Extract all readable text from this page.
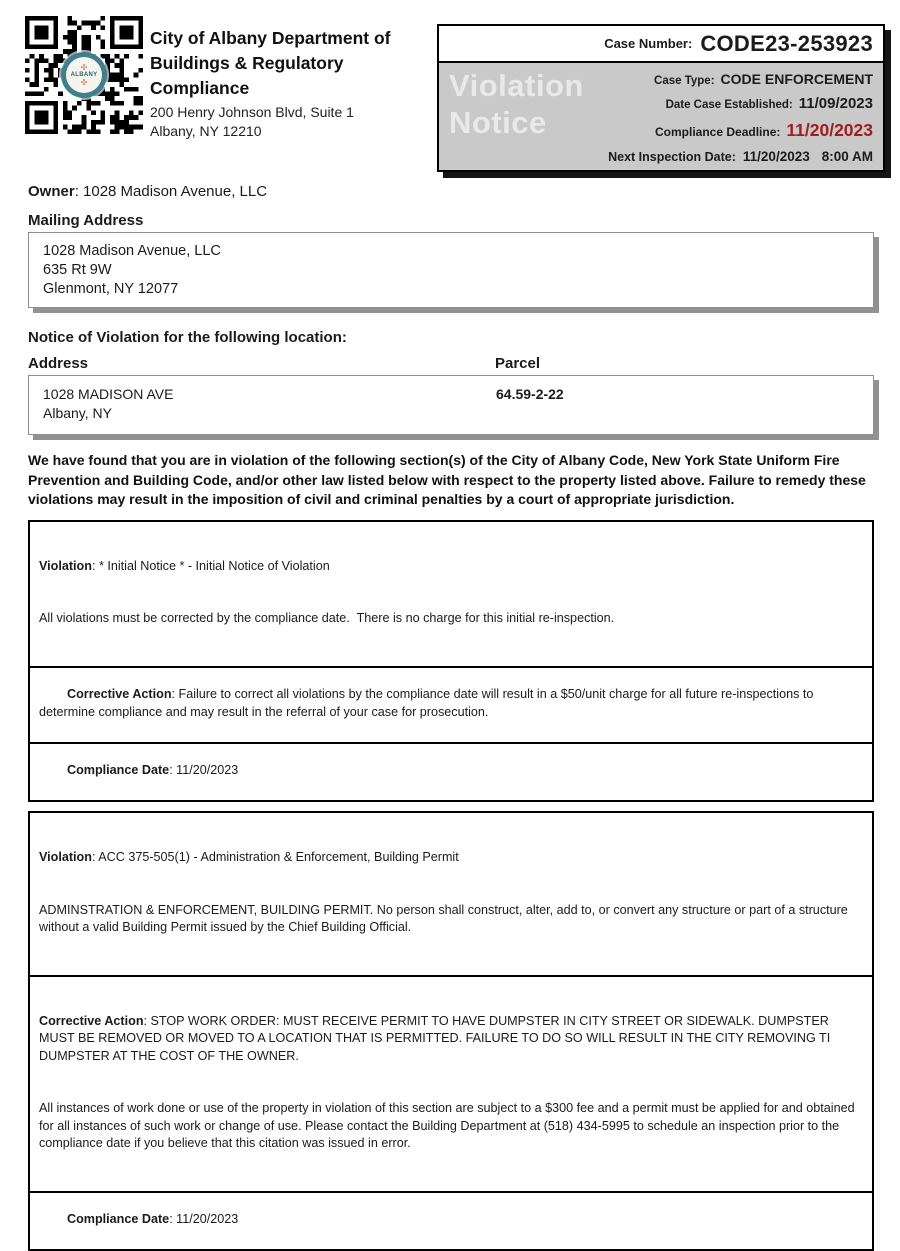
✣
ALBANY
✣
City of Albany Department of
Buildings & Regulatory
Compliance
200 Henry Johnson Blvd, Suite 1
Albany, NY 12210
Case Number: CODE23-253923
Violation
Notice
Case Type: CODE ENFORCEMENT
Date Case Established: 11/09/2023
Compliance Deadline: 11/20/2023
Next Inspection Date: 11/20/2023 8:00 AM
Owner: 1028 Madison Avenue, LLC
Mailing Address
1028 Madison Avenue, LLC
635 Rt 9W
Glenmont, NY 12077
Notice of Violation for the following location:
Address	Parcel
1028 MADISON AVE
Albany, NY
64.59-2-22
We have found that you are in violation of the following section(s) of the City of Albany Code, New York State Uniform Fire Prevention and Building Code, and/or other law listed below with respect to the property listed above. Failure to remedy these violations may result in the imposition of civil and criminal penalties by a court of appropriate jurisdiction.

Violation: * Initial Notice * - Initial Notice of Violation

All violations must be corrected by the compliance date.  There is no charge for this initial re-inspection.

Corrective Action: Failure to correct all violations by the compliance date will result in a $50/unit charge for all future re-inspections to determine compliance and may result in the referral of your case for prosecution.

Compliance Date: 11/20/2023

Violation: ACC 375-505(1) - Administration & Enforcement, Building Permit

ADMINSTRATION & ENFORCEMENT, BUILDING PERMIT. No person shall construct, alter, add to, or convert any structure or part of a structure without a valid Building Permit issued by the Chief Building Official.

Corrective Action: STOP WORK ORDER: MUST RECEIVE PERMIT TO HAVE DUMPSTER IN CITY STREET OR SIDEWALK. DUMPSTER MUST BE REMOVED OR MOVED TO A LOCATION THAT IS PERMITTED. FAILURE TO DO SO WILL RESULT IN THE CITY REMOVING TI DUMPSTER AT THE COST OF THE OWNER.

All instances of work done or use of the property in violation of this section are subject to a $300 fee and a permit must be applied for and obtained for all instances of such work or change of use. Please contact the Building Department at (518) 434-5995 to schedule an inspection prior to the compliance date if you believe that this citation was issued in error.

Compliance Date: 11/20/2023
